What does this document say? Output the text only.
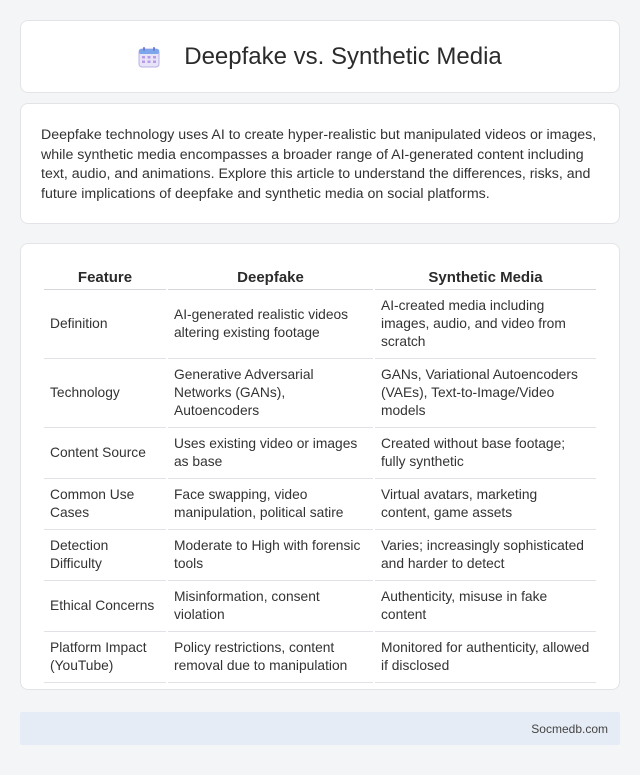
Deepfake vs. Synthetic Media

Deepfake technology uses AI to create hyper-realistic but manipulated videos or images, while synthetic media encompasses a broader range of AI-generated content including text, audio, and animations. Explore this article to understand the differences, risks, and future implications of deepfake and synthetic media on social platforms.

Feature	Deepfake	Synthetic Media
Definition	AI-generated realistic videos altering existing footage	AI-created media including images, audio, and video from scratch
Technology	Generative Adversarial Networks (GANs), Autoencoders	GANs, Variational Autoencoders (VAEs), Text-to-Image/Video models
Content Source	Uses existing video or images as base	Created without base footage; fully synthetic
Common Use Cases	Face swapping, video manipulation, political satire	Virtual avatars, marketing content, game assets
Detection Difficulty	Moderate to High with forensic tools	Varies; increasingly sophisticated and harder to detect
Ethical Concerns	Misinformation, consent violation	Authenticity, misuse in fake content
Platform Impact (YouTube)	Policy restrictions, content removal due to manipulation	Monitored for authenticity, allowed if disclosed
Socmedb.com
